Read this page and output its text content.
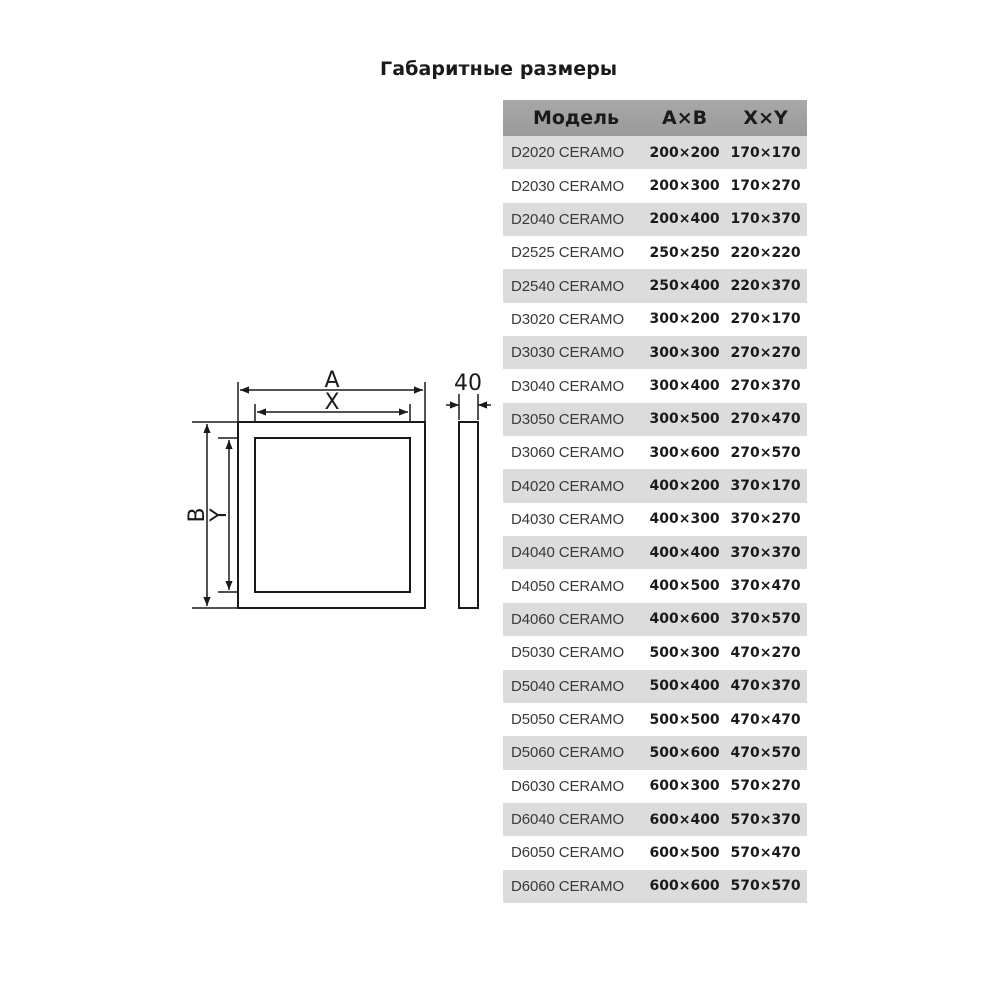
Габаритные размеры
Модель	A×B	X×Y
D2020 CERAMO	200×200	170×170
D2030 CERAMO	200×300	170×270
D2040 CERAMO	200×400	170×370
D2525 CERAMO	250×250	220×220
D2540 CERAMO	250×400	220×370
D3020 CERAMO	300×200	270×170
D3030 CERAMO	300×300	270×270
D3040 CERAMO	300×400	270×370
D3050 CERAMO	300×500	270×470
D3060 CERAMO	300×600	270×570
D4020 CERAMO	400×200	370×170
D4030 CERAMO	400×300	370×270
D4040 CERAMO	400×400	370×370
D4050 CERAMO	400×500	370×470
D4060 CERAMO	400×600	370×570
D5030 CERAMO	500×300	470×270
D5040 CERAMO	500×400	470×370
D5050 CERAMO	500×500	470×470
D5060 CERAMO	500×600	470×570
D6030 CERAMO	600×300	570×270
D6040 CERAMO	600×400	570×370
D6050 CERAMO	600×500	570×470
D6060 CERAMO	600×600	570×570
A
X
B
Y
40
